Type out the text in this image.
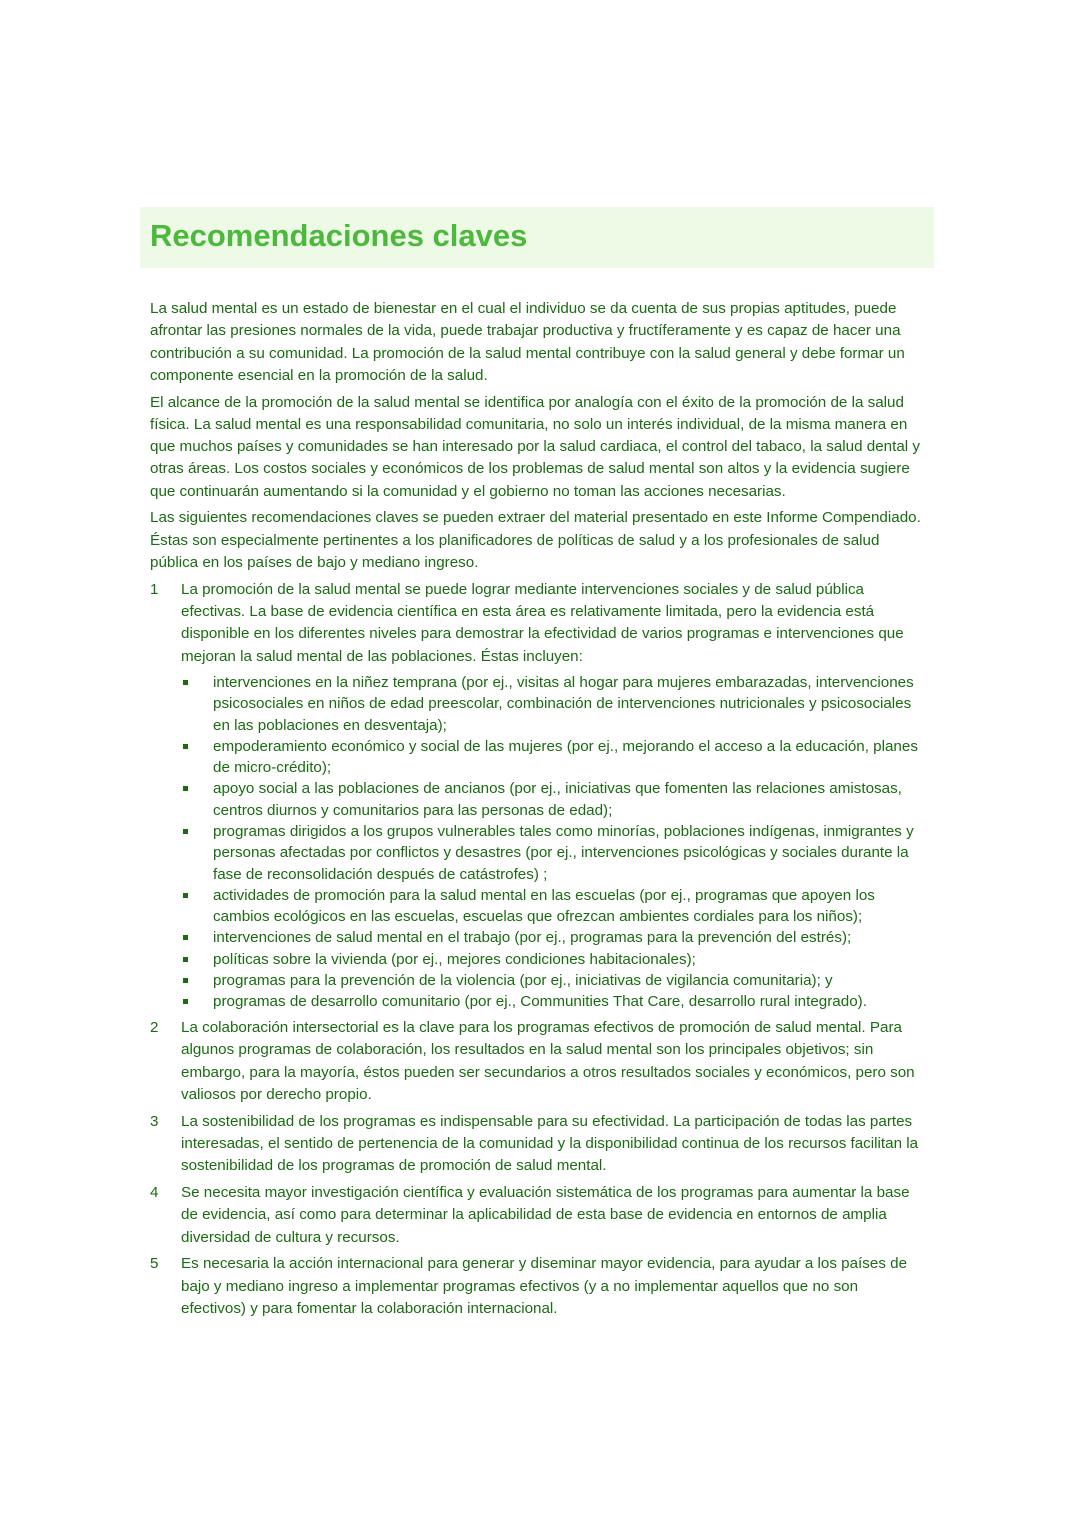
Recomendaciones claves

La salud mental es un estado de bienestar en el cual el individuo se da cuenta de sus propias aptitudes, puede afrontar las presiones normales de la vida, puede trabajar productiva y fructíferamente y es capaz de hacer una contribución a su comunidad. La promoción de la salud mental contribuye con la salud general y debe formar un componente esencial en la promoción de la salud.

El alcance de la promoción de la salud mental se identifica por analogía con el éxito de la promoción de la salud física. La salud mental es una responsabilidad comunitaria, no solo un interés individual, de la misma manera en que muchos países y comunidades se han interesado por la salud cardiaca, el control del tabaco, la salud dental y otras áreas. Los costos sociales y económicos de los problemas de salud mental son altos y la evidencia sugiere que continuarán aumentando si la comunidad y el gobierno no toman las acciones necesarias.

Las siguientes recomendaciones claves se pueden extraer del material presentado en este Informe Compendiado. Éstas son especialmente pertinentes a los planificadores de políticas de salud y a los profesionales de salud pública en los países de bajo y mediano ingreso.

1 La promoción de la salud mental se puede lograr mediante intervenciones sociales y de salud pública efectivas. La base de evidencia científica en esta área es relativamente limitada, pero la evidencia está disponible en los diferentes niveles para demostrar la efectividad de varios programas e intervenciones que mejoran la salud mental de las poblaciones. Éstas incluyen:
intervenciones en la niñez temprana (por ej., visitas al hogar para mujeres embarazadas, intervenciones psicosociales en niños de edad preescolar, combinación de intervenciones nutricionales y psicosociales en las poblaciones en desventaja);
empoderamiento económico y social de las mujeres (por ej., mejorando el acceso a la educación, planes de micro-crédito);
apoyo social a las poblaciones de ancianos (por ej., iniciativas que fomenten las relaciones amistosas, centros diurnos y comunitarios para las personas de edad);
programas dirigidos a los grupos vulnerables tales como minorías, poblaciones indígenas, inmigrantes y personas afectadas por conflictos y desastres (por ej., intervenciones psicológicas y sociales durante la fase de reconsolidación después de catástrofes) ;
actividades de promoción para la salud mental en las escuelas (por ej., programas que apoyen los cambios ecológicos en las escuelas, escuelas que ofrezcan ambientes cordiales para los niños);
intervenciones de salud mental en el trabajo (por ej., programas para la prevención del estrés);
políticas sobre la vivienda (por ej., mejores condiciones habitacionales);
programas para la prevención de la violencia (por ej., iniciativas de vigilancia comunitaria); y
programas de desarrollo comunitario (por ej., Communities That Care, desarrollo rural integrado).
2 La colaboración intersectorial es la clave para los programas efectivos de promoción de salud mental. Para algunos programas de colaboración, los resultados en la salud mental son los principales objetivos; sin embargo, para la mayoría, éstos pueden ser secundarios a otros resultados sociales y económicos, pero son valiosos por derecho propio.
3 La sostenibilidad de los programas es indispensable para su efectividad. La participación de todas las partes interesadas, el sentido de pertenencia de la comunidad y la disponibilidad continua de los recursos facilitan la sostenibilidad de los programas de promoción de salud mental.
4 Se necesita mayor investigación científica y evaluación sistemática de los programas para aumentar la base de evidencia, así como para determinar la aplicabilidad de esta base de evidencia en entornos de amplia diversidad de cultura y recursos.
5 Es necesaria la acción internacional para generar y diseminar mayor evidencia, para ayudar a los países de bajo y mediano ingreso a implementar programas efectivos (y a no implementar aquellos que no son efectivos) y para fomentar la colaboración internacional.
